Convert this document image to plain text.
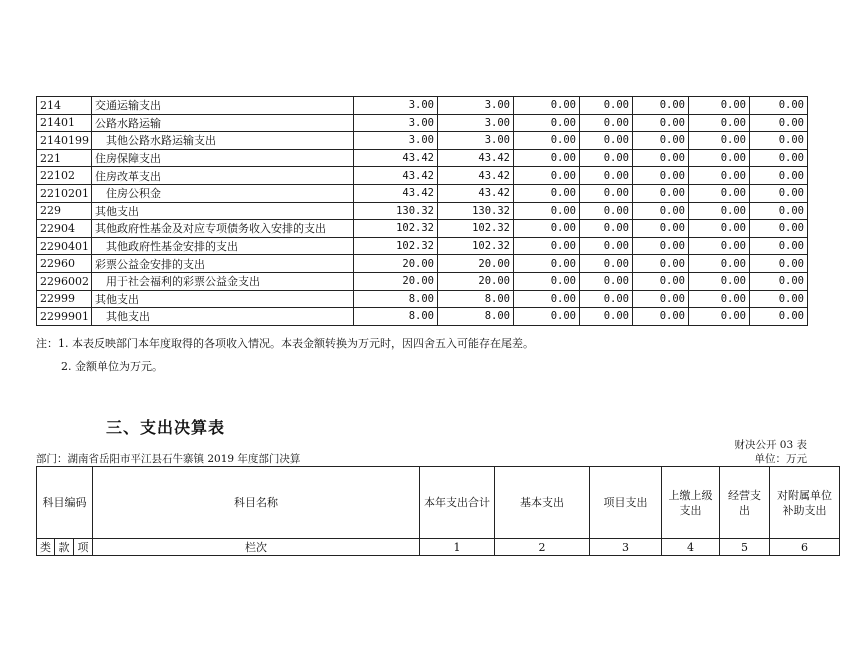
214	交通运输支出	3.00	3.00	0.00	0.00	0.00	0.00	0.00
21401	公路水路运输	3.00	3.00	0.00	0.00	0.00	0.00	0.00
2140199	其他公路水路运输支出	3.00	3.00	0.00	0.00	0.00	0.00	0.00
221	住房保障支出	43.42	43.42	0.00	0.00	0.00	0.00	0.00
22102	住房改革支出	43.42	43.42	0.00	0.00	0.00	0.00	0.00
2210201	住房公积金	43.42	43.42	0.00	0.00	0.00	0.00	0.00
229	其他支出	130.32	130.32	0.00	0.00	0.00	0.00	0.00
22904	其他政府性基金及对应专项债务收入安排的支出	102.32	102.32	0.00	0.00	0.00	0.00	0.00
2290401	其他政府性基金安排的支出	102.32	102.32	0.00	0.00	0.00	0.00	0.00
22960	彩票公益金安排的支出	20.00	20.00	0.00	0.00	0.00	0.00	0.00
2296002	用于社会福利的彩票公益金支出	20.00	20.00	0.00	0.00	0.00	0.00	0.00
22999	其他支出	8.00	8.00	0.00	0.00	0.00	0.00	0.00
2299901	其他支出	8.00	8.00	0.00	0.00	0.00	0.00	0.00
注：1. 本表反映部门本年度取得的各项收入情况。本表金额转换为万元时，因四舍五入可能存在尾差。
2. 金额单位为万元。
三、支出决算表
财决公开 03 表
部门：湖南省岳阳市平江县石牛寨镇 2019 年度部门决算	单位：万元
科目编码			科目名称	本年支出合计	基本支出	项目支出	上缴上级支出	经营支出	对附属单位补助支出
类	款	项	栏次	1	2	3	4	5	6
